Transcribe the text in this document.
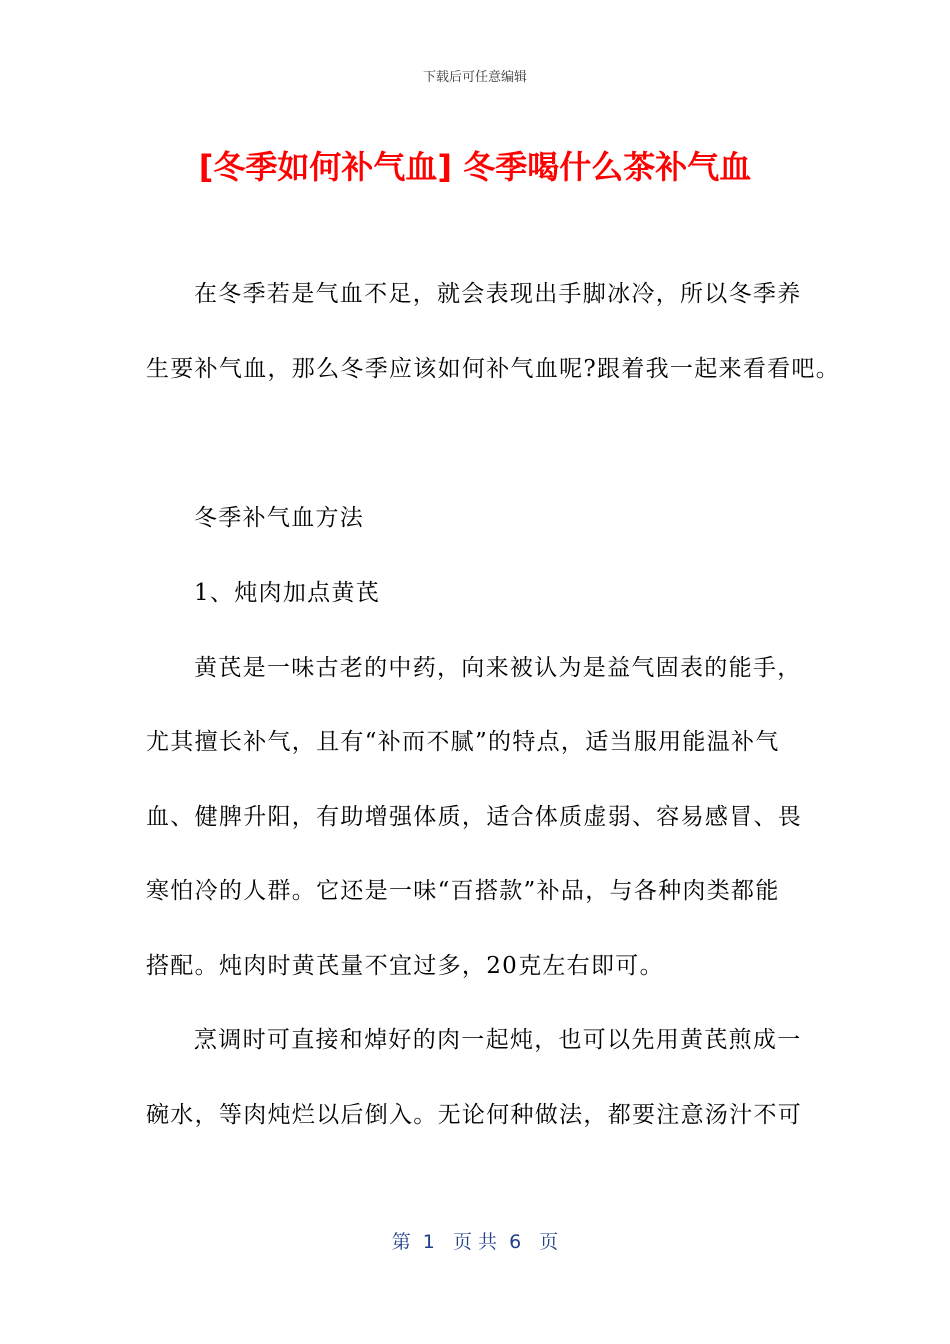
下载后可任意编辑
[冬季如何补气血] 冬季喝什么茶补气血
在冬季若是气血不足，就会表现出手脚冰冷，所以冬季养
生要补气血，那么冬季应该如何补气血呢?跟着我一起来看看吧。
冬季补气血方法
1、炖肉加点黄芪
黄芪是一味古老的中药，向来被认为是益气固表的能手，
尤其擅长补气，且有“补而不腻”的特点，适当服用能温补气
血、健脾升阳，有助增强体质，适合体质虚弱、容易感冒、畏
寒怕冷的人群。它还是一味“百搭款”补品，与各种肉类都能
搭配。炖肉时黄芪量不宜过多，20克左右即可。
烹调时可直接和焯好的肉一起炖，也可以先用黄芪煎成一
碗水，等肉炖烂以后倒入。无论何种做法，都要注意汤汁不可
第  1   页 共  6   页
